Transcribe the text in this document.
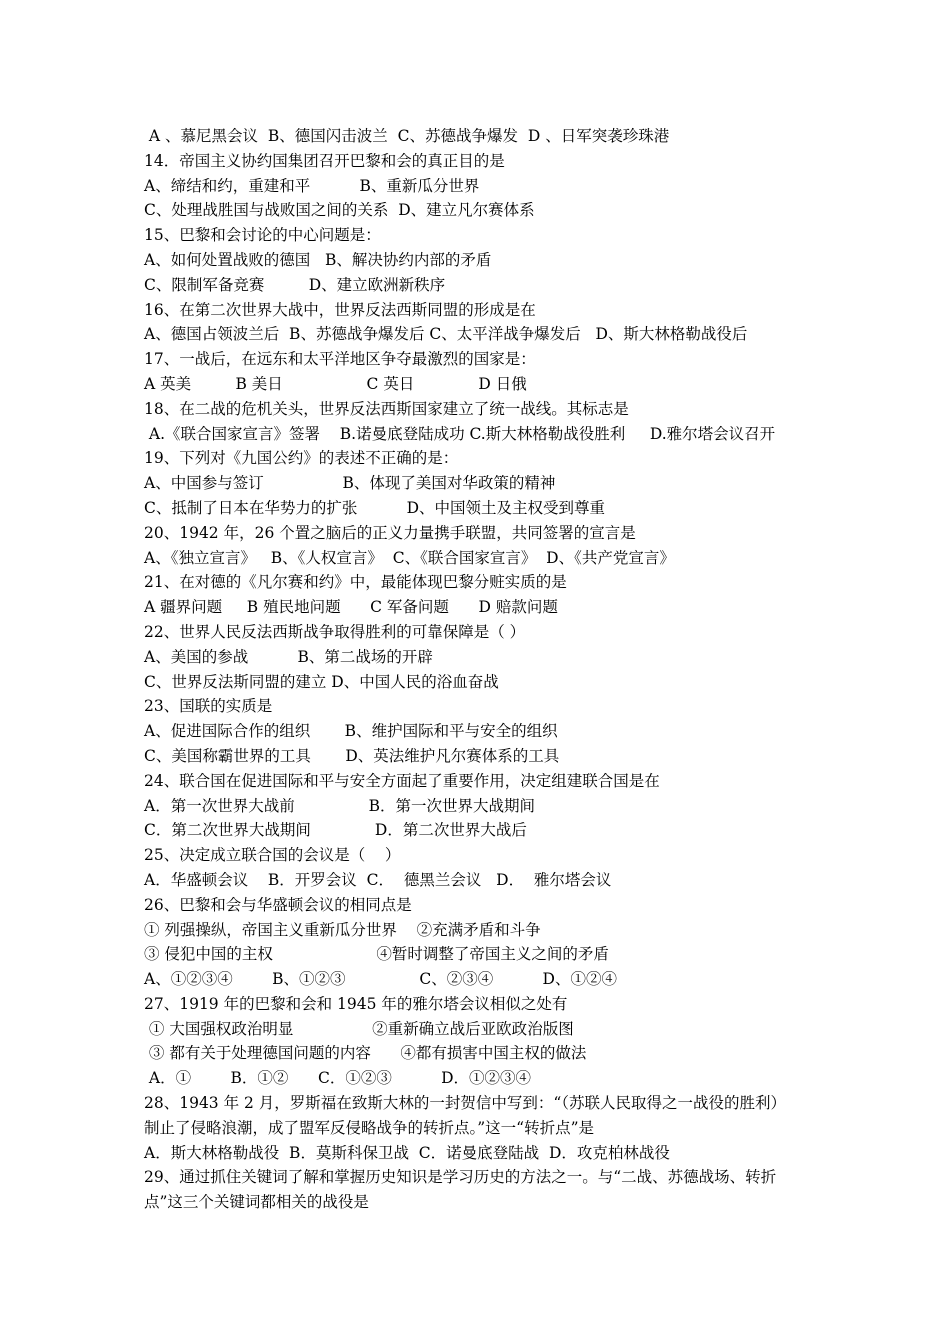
A 、慕尼黑会议  B、德国闪击波兰  C、苏德战争爆发  D 、日军突袭珍珠港
14．帝国主义协约国集团召开巴黎和会的真正目的是
A、缔结和约，重建和平          B、重新瓜分世界
C、处理战胜国与战败国之间的关系  D、建立凡尔赛体系
15、巴黎和会讨论的中心问题是：
A、如何处置战败的德国   B、解决协约内部的矛盾
C、限制军备竞赛         D、建立欧洲新秩序
16、在第二次世界大战中，世界反法西斯同盟的形成是在
A、德国占领波兰后  B、苏德战争爆发后 C、太平洋战争爆发后   D、斯大林格勒战役后
17、一战后，在远东和太平洋地区争夺最激烈的国家是：
A 英美         B 美日                 C 英日             D 日俄
18、在二战的危机关头，世界反法西斯国家建立了统一战线。其标志是
A.《联合国家宣言》签署    B.诺曼底登陆成功 C.斯大林格勒战役胜利     D.雅尔塔会议召开
19、下列对《九国公约》的表述不正确的是：
A、中国参与签订                B、体现了美国对华政策的精神
C、抵制了日本在华势力的扩张          D、中国领土及主权受到尊重
20、1942 年，26 个置之脑后的正义力量携手联盟，共同签署的宣言是
A、《独立宣言》   B、《人权宣言》  C、《联合国家宣言》  D、《共产党宣言》
21、在对德的《凡尔赛和约》中，最能体现巴黎分赃实质的是
A 疆界问题     B 殖民地问题      C 军备问题      D 赔款问题
22、世界人民反法西斯战争取得胜利的可靠保障是（ ）
A、美国的参战          B、第二战场的开辟
C、世界反法斯同盟的建立 D、中国人民的浴血奋战
23、国联的实质是
A、促进国际合作的组织       B、维护国际和平与安全的组织
C、美国称霸世界的工具       D、英法维护凡尔赛体系的工具
24、联合国在促进国际和平与安全方面起了重要作用，决定组建联合国是在
A．第一次世界大战前               B．第一次世界大战期间
C．第二次世界大战期间             D．第二次世界大战后
25、决定成立联合国的会议是（    ）
A．华盛顿会议    B．开罗会议  C．  德黑兰会议   D．  雅尔塔会议
26、巴黎和会与华盛顿会议的相同点是
① 列强操纵，帝国主义重新瓜分世界    ②充满矛盾和斗争
③ 侵犯中国的主权                     ④暂时调整了帝国主义之间的矛盾
A、①②③④        B、①②③               C、②③④          D、①②④
27、1919 年的巴黎和会和 1945 年的雅尔塔会议相似之处有
① 大国强权政治明显                ②重新确立战后亚欧政治版图
③ 都有关于处理德国问题的内容      ④都有损害中国主权的做法
A．①        B．①②      C．①②③          D．①②③④
28、1943 年 2 月，罗斯福在致斯大林的一封贺信中写到：“（苏联人民取得之一战役的胜利）
制止了侵略浪潮，成了盟军反侵略战争的转折点。”这一“转折点”是
A．斯大林格勒战役  B．莫斯科保卫战  C．诺曼底登陆战  D．攻克柏林战役
29、通过抓住关键词了解和掌握历史知识是学习历史的方法之一。与“二战、苏德战场、转折
点”这三个关键词都相关的战役是
